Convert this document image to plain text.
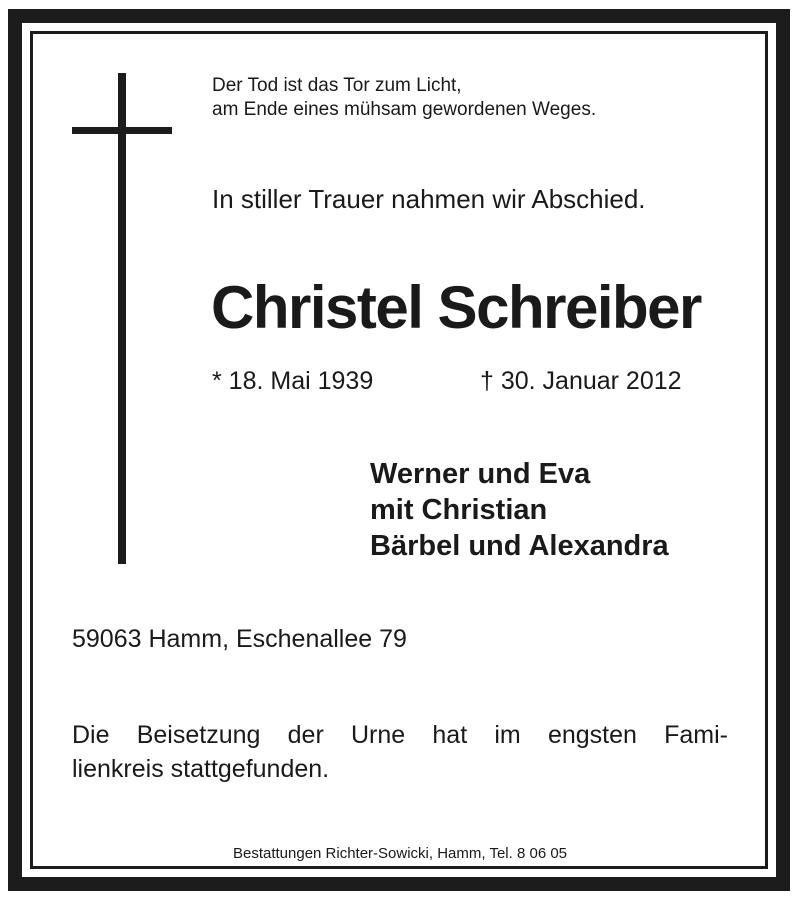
Der Tod ist das Tor zum Licht,
am Ende eines mühsam gewordenen Weges.
In stiller Trauer nahmen wir Abschied.
Christel Schreiber
* 18. Mai 1939	† 30. Januar 2012
Werner und Eva
mit Christian
Bärbel und Alexandra
59063 Hamm, Eschenallee 79
Die Beisetzung der Urne hat im engsten Fami-
lienkreis stattgefunden.
Bestattungen Richter-Sowicki, Hamm, Tel. 8 06 05
